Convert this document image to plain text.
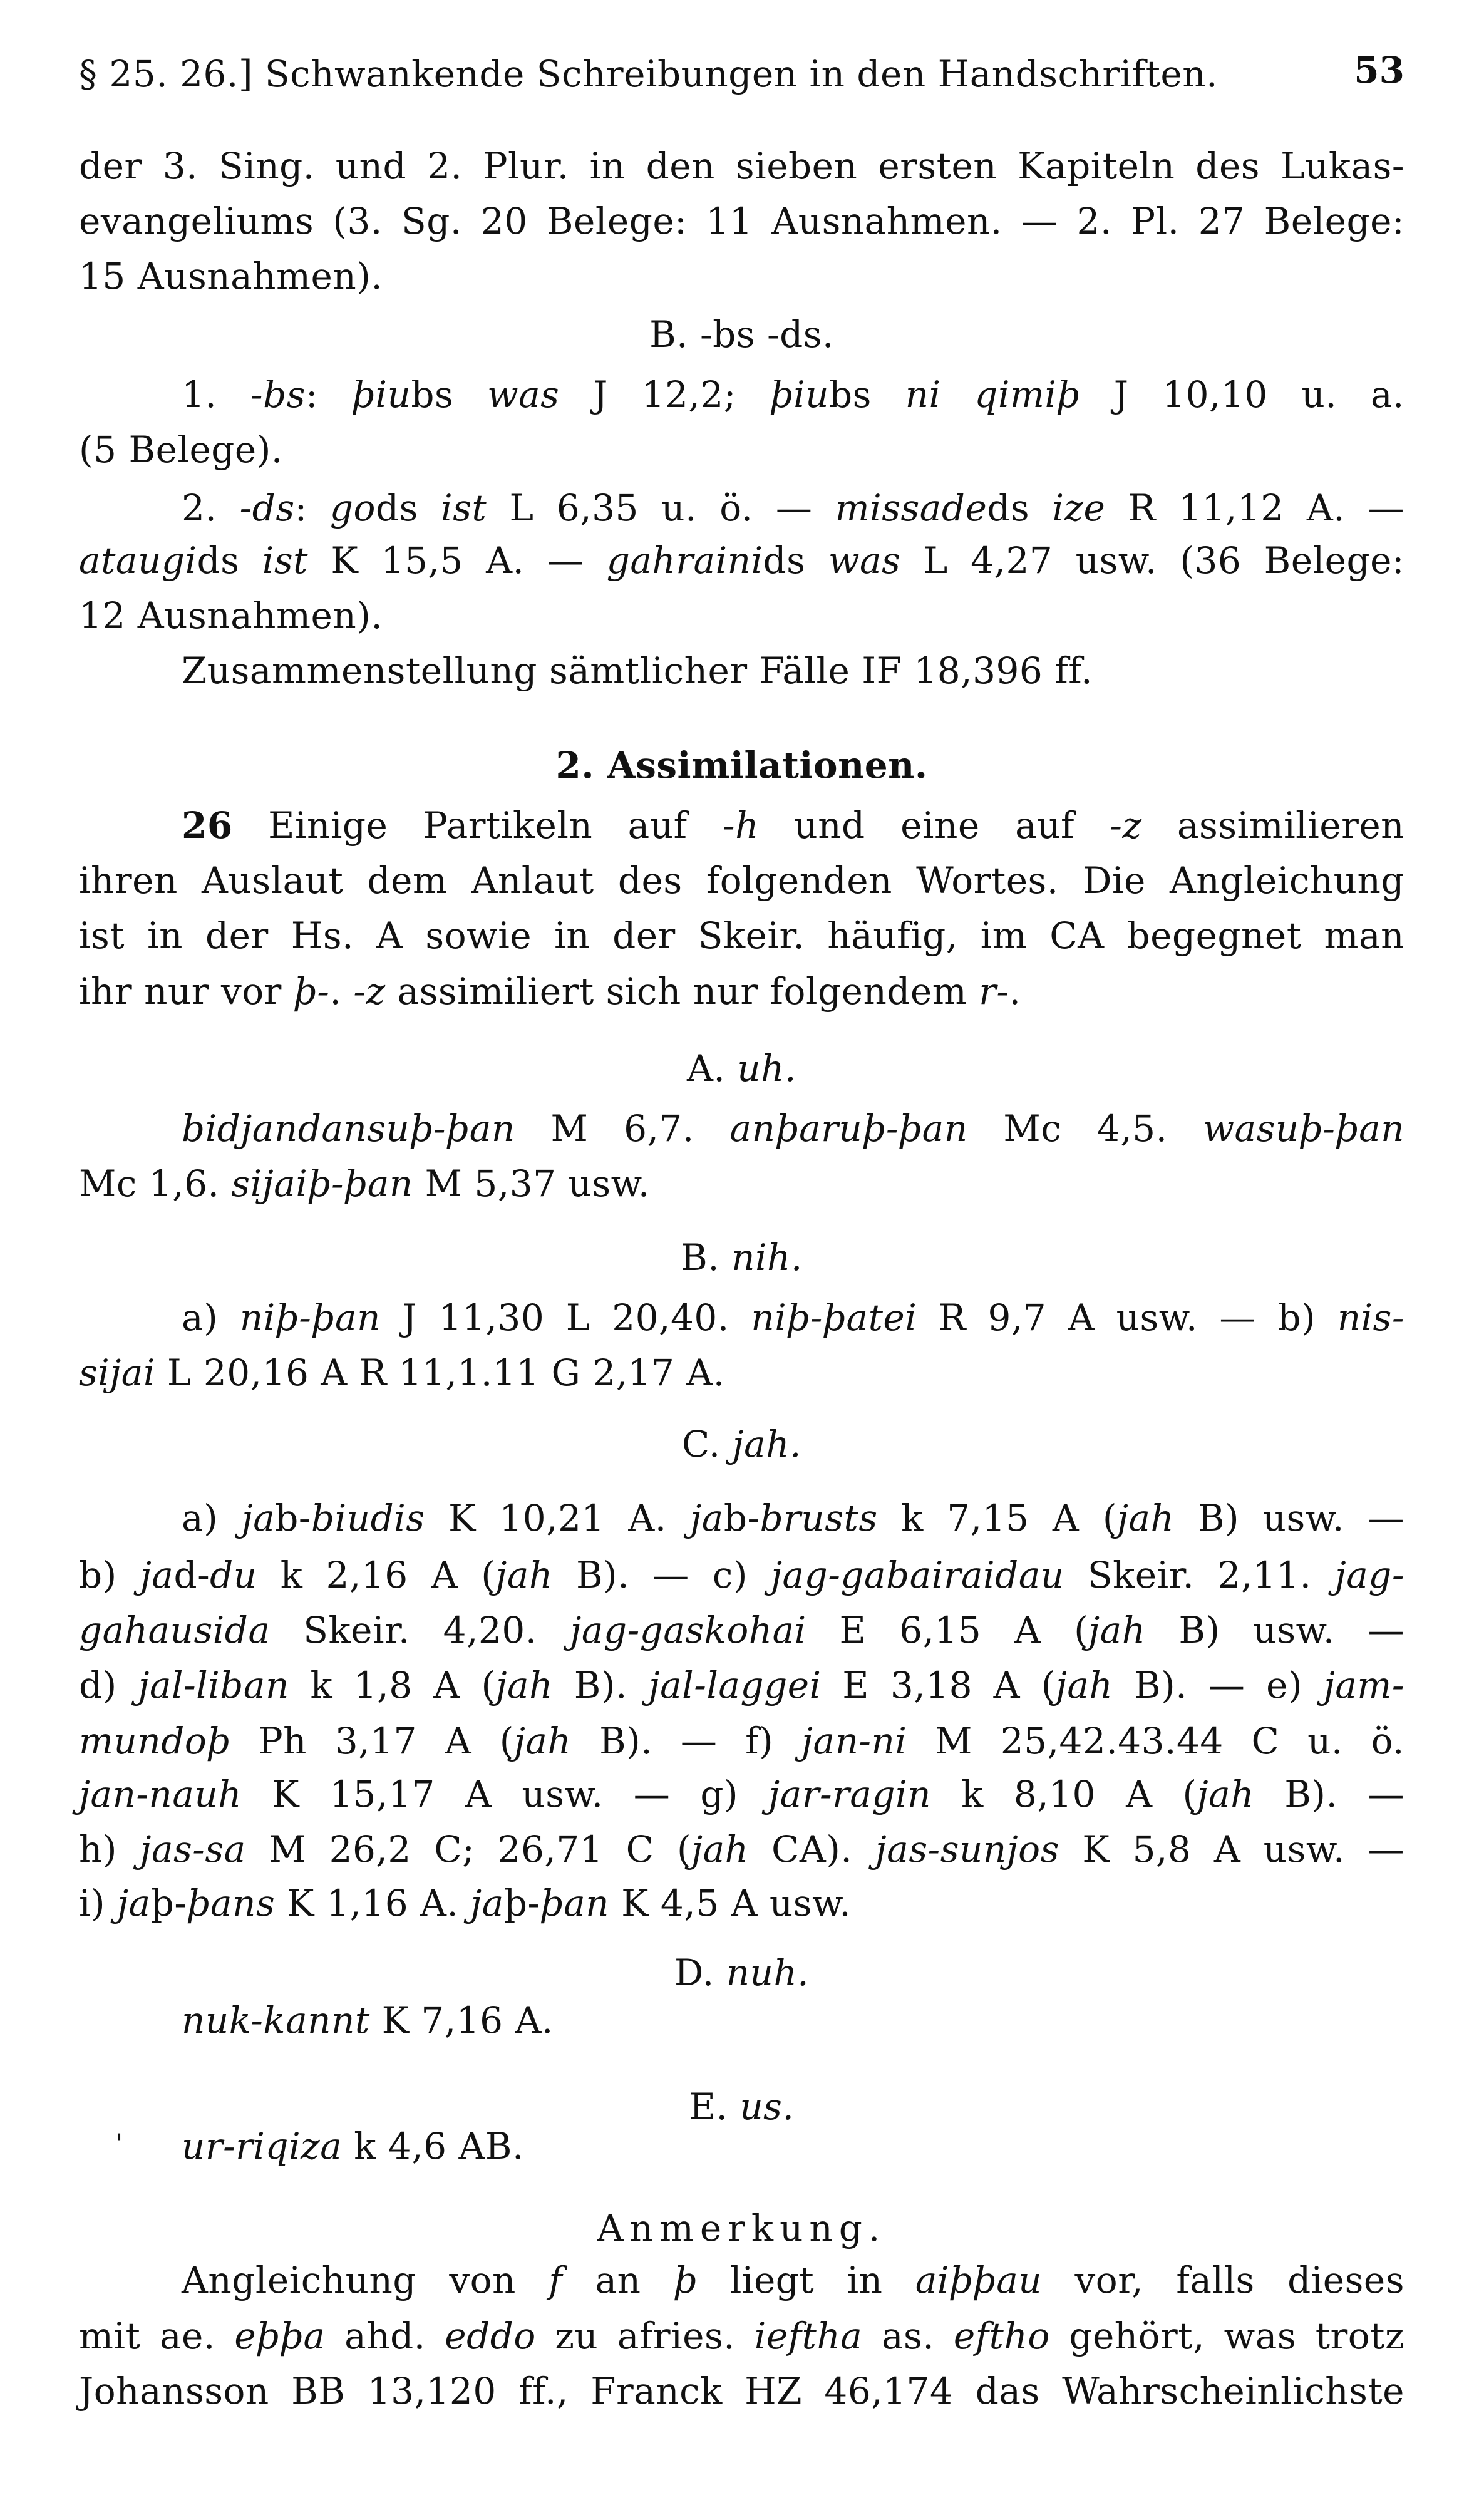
§ 25. 26.] Schwankende Schreibungen in den Handschriften.	53
der 3. Sing. und 2. Plur. in den sieben ersten Kapiteln des Lukas-
evangeliums (3. Sg. 20 Belege: 11 Ausnahmen. — 2. Pl. 27 Belege:
15 Ausnahmen).
B. -bs -ds.
1. -bs: þiubs was J 12,2; þiubs ni qimiþ J 10,10 u. a.
(5 Belege).
2. -ds: gods ist L 6,35 u. ö. — missadeds ize R 11,12 A. —
ataugids ist K 15,5 A. — gahrainids was L 4,27 usw. (36 Belege:
12 Ausnahmen).
Zusammenstellung sämtlicher Fälle IF 18,396 ff.
2. Assimilationen.
26 Einige Partikeln auf -h und eine auf -z assimilieren
ihren Auslaut dem Anlaut des folgenden Wortes. Die Angleichung
ist in der Hs. A sowie in der Skeir. häufig, im CA begegnet man
ihr nur vor þ-. -z assimiliert sich nur folgendem r-.
A. uh.
bidjandansuþ-þan M 6,7. anþaruþ-þan Mc 4,5. wasuþ-þan
Mc 1,6. sijaiþ-þan M 5,37 usw.
B. nih.
a) niþ-þan J 11,30 L 20,40. niþ-þatei R 9,7 A usw. — b) nis-
sijai L 20,16 A R 11,1.11 G 2,17 A.
C. jah.
a) jab-biudis K 10,21 A. jab-brusts k 7,15 A (jah B) usw. —
b) jad-du k 2,16 A (jah B). — c) jag-gabairaidau Skeir. 2,11. jag-
gahausida Skeir. 4,20. jag-gaskohai E 6,15 A (jah B) usw. —
d) jal-liban k 1,8 A (jah B). jal-laggei E 3,18 A (jah B). — e) jam-
mundoþ Ph 3,17 A (jah B). — f) jan-ni M 25,42.43.44 C u. ö.
jan-nauh K 15,17 A usw. — g) jar-ragin k 8,10 A (jah B). —
h) jas-sa M 26,2 C; 26,71 C (jah CA). jas-sunjos K 5,8 A usw. —
i) jaþ-þans K 1,16 A. jaþ-þan K 4,5 A usw.
D. nuh.
nuk-kannt K 7,16 A.
E. us.
' ur-riqiza k 4,6 AB.
Anmerkung.
Angleichung von f an þ liegt in aiþþau vor, falls dieses
mit ae. eþþa ahd. eddo zu afries. ieftha as. eftho gehört, was trotz
Johansson BB 13,120 ff., Franck HZ 46,174 das Wahrscheinlichste
